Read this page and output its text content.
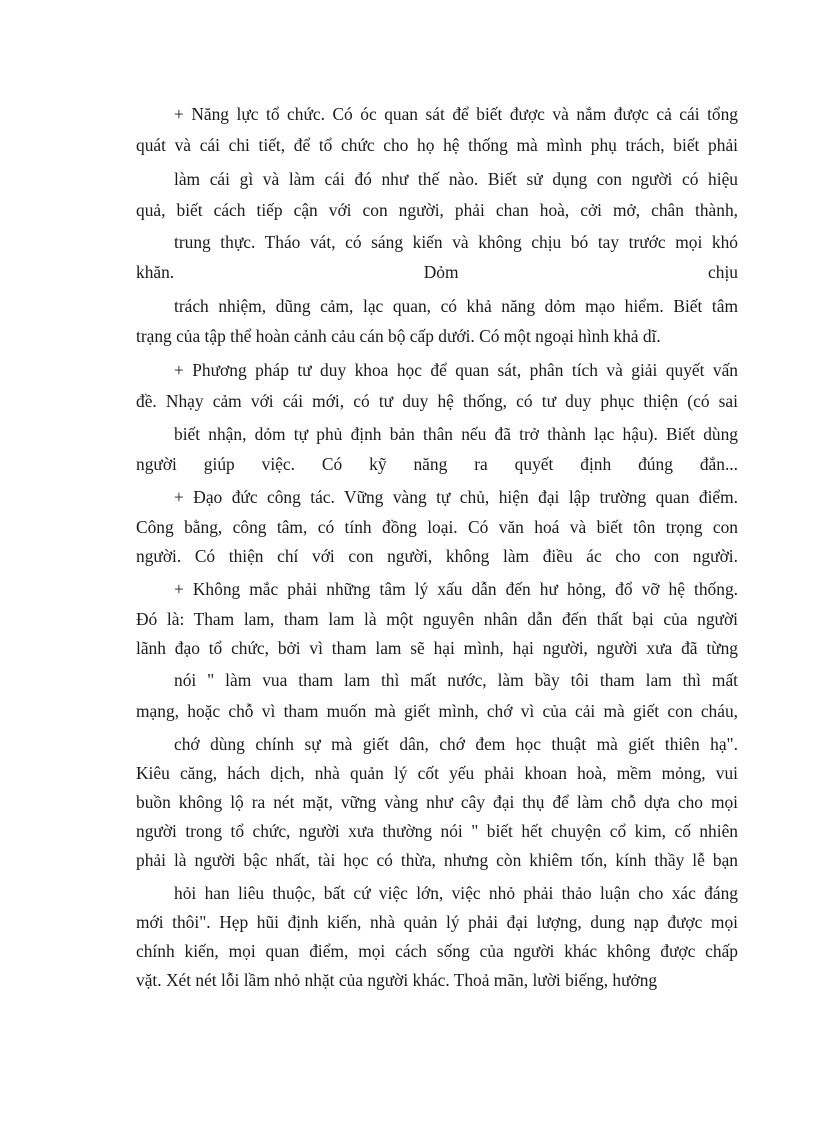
+ Năng lực tổ chức. Có óc quan sát để biết được và nắm được cả cái tổng
quát và cái chi tiết, để tổ chức cho họ hệ thống mà mình phụ trách, biết phải
làm cái gì và làm cái đó như thế nào. Biết sử dụng con người có hiệu
quả, biết cách tiếp cận với con người, phải chan hoà, cởi mở, chân thành,
trung thực. Tháo vát, có sáng kiến và không chịu bó tay trước mọi khó
khăn. Dỏm chịu
trách nhiệm, dũng cảm, lạc quan, có khả năng dỏm mạo hiểm. Biết tâm
trạng của tập thể hoàn cảnh cảu cán bộ cấp dưới. Có một ngoại hình khả dĩ.
+ Phương pháp tư duy khoa học để quan sát, phân tích và giải quyết vấn
đề. Nhạy cảm với cái mới, có tư duy hệ thống, có tư duy phục thiện (có sai
biết nhận, dỏm tự phủ định bản thân nếu đã trở thành lạc hậu). Biết dùng
người giúp việc. Có kỹ năng ra quyết định đúng đắn...
+ Đạo đức công tác. Vững vàng tự chủ, hiện đại lập trường quan điểm.
Công bằng, công tâm, có tính đồng loại. Có văn hoá và biết tôn trọng con
người. Có thiện chí với con người, không làm điều ác cho con người.
+ Không mắc phải những tâm lý xấu dẫn đến hư hỏng, đổ vỡ hệ thống.
Đó là: Tham lam, tham lam là một nguyên nhân dẫn đến thất bại của người
lãnh đạo tổ chức, bởi vì tham lam sẽ hại mình, hại người, người xưa đã từng
nói " làm vua tham lam thì mất nước, làm bầy tôi tham lam thì mất
mạng, hoặc chỗ vì tham muốn mà giết mình, chớ vì của cải mà giết con cháu,
chớ dùng chính sự mà giết dân, chớ đem học thuật mà giết thiên hạ".
Kiêu căng, hách dịch, nhà quản lý cốt yếu phải khoan hoà, mềm mỏng, vui
buồn không lộ ra nét mặt, vững vàng như cây đại thụ để làm chỗ dựa cho mọi
người trong tổ chức, người xưa thường nói " biết hết chuyện cổ kim, cố nhiên
phải là người bậc nhất, tài học có thừa, nhưng còn khiêm tốn, kính thầy lễ bạn
hỏi han liêu thuộc, bất cứ việc lớn, việc nhỏ phải thảo luận cho xác đáng
mới thôi". Hẹp hũi định kiến, nhà quản lý phải đại lượng, dung nạp được mọi
chính kiến, mọi quan điểm, mọi cách sống của người khác không được chấp
vặt. Xét nét lỗi lầm nhỏ nhặt của người khác. Thoả mãn, lười biếng, hưởng
